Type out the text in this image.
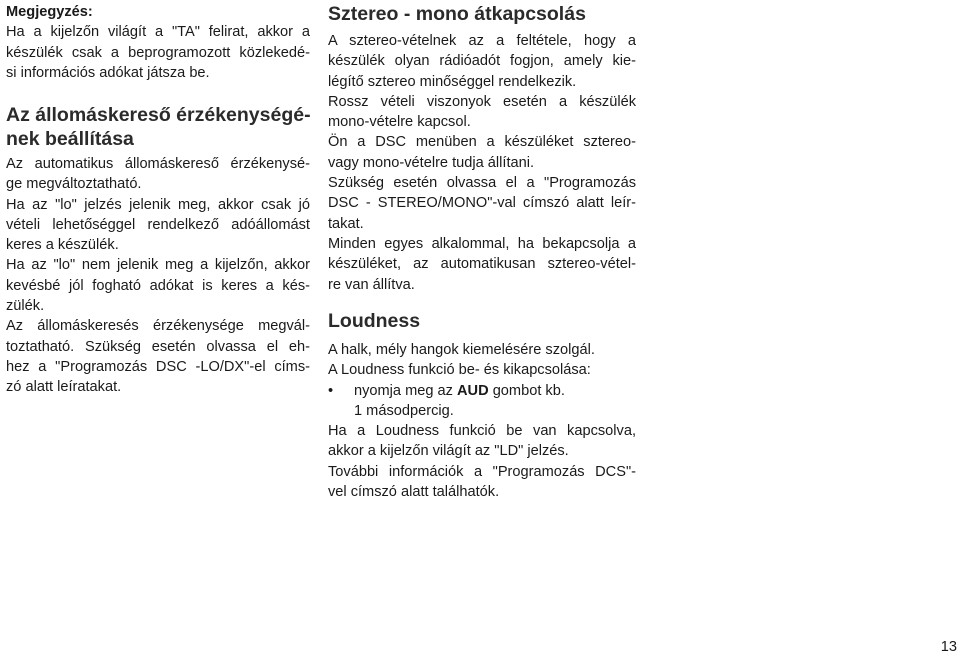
Megjegyzés:
Ha a kijelzőn világít a "TA" felirat, akkor a
készülék csak a beprogramozott közlekedé-
si információs adókat játsza be.
Az állomáskereső érzékenységé-
nek beállítása
Az automatikus állomáskereső érzékenysé-
ge megváltoztatható.
Ha az "lo" jelzés jelenik meg, akkor csak jó
vételi lehetőséggel rendelkező adóállomást
keres a készülék.
Ha az "lo" nem jelenik meg a kijelzőn, akkor
kevésbé jól fogható adókat is keres a kés-
zülék.
Az állomáskeresés érzékenysége megvál-
toztatható. Szükség esetén olvassa el eh-
hez a "Programozás DSC -LO/DX"-el címs-
zó alatt leíratakat.
Sztereo - mono átkapcsolás
A sztereo-vételnek az a feltétele, hogy a
készülék olyan rádióadót fogjon, amely kie-
légítő sztereo minőséggel rendelkezik.
Rossz vételi viszonyok esetén a készülék
mono-vételre kapcsol.
Ön a DSC menüben a készüléket sztereo-
vagy mono-vételre tudja állítani.
Szükség esetén olvassa el a "Programozás
DSC - STEREO/MONO"-val címszó alatt leír-
takat.
Minden egyes alkalommal, ha bekapcsolja a
készüléket, az automatikusan sztereo-vétel-
re van állítva.
Loudness
A halk, mély hangok kiemelésére szolgál.
A Loudness funkció be- és kikapcsolása:
• nyomja meg az AUD gombot kb.
1 másodpercig.
Ha a Loudness funkció be van kapcsolva,
akkor a kijelzőn világít az "LD" jelzés.
További információk a "Programozás DCS"-
vel címszó alatt találhatók.
13
